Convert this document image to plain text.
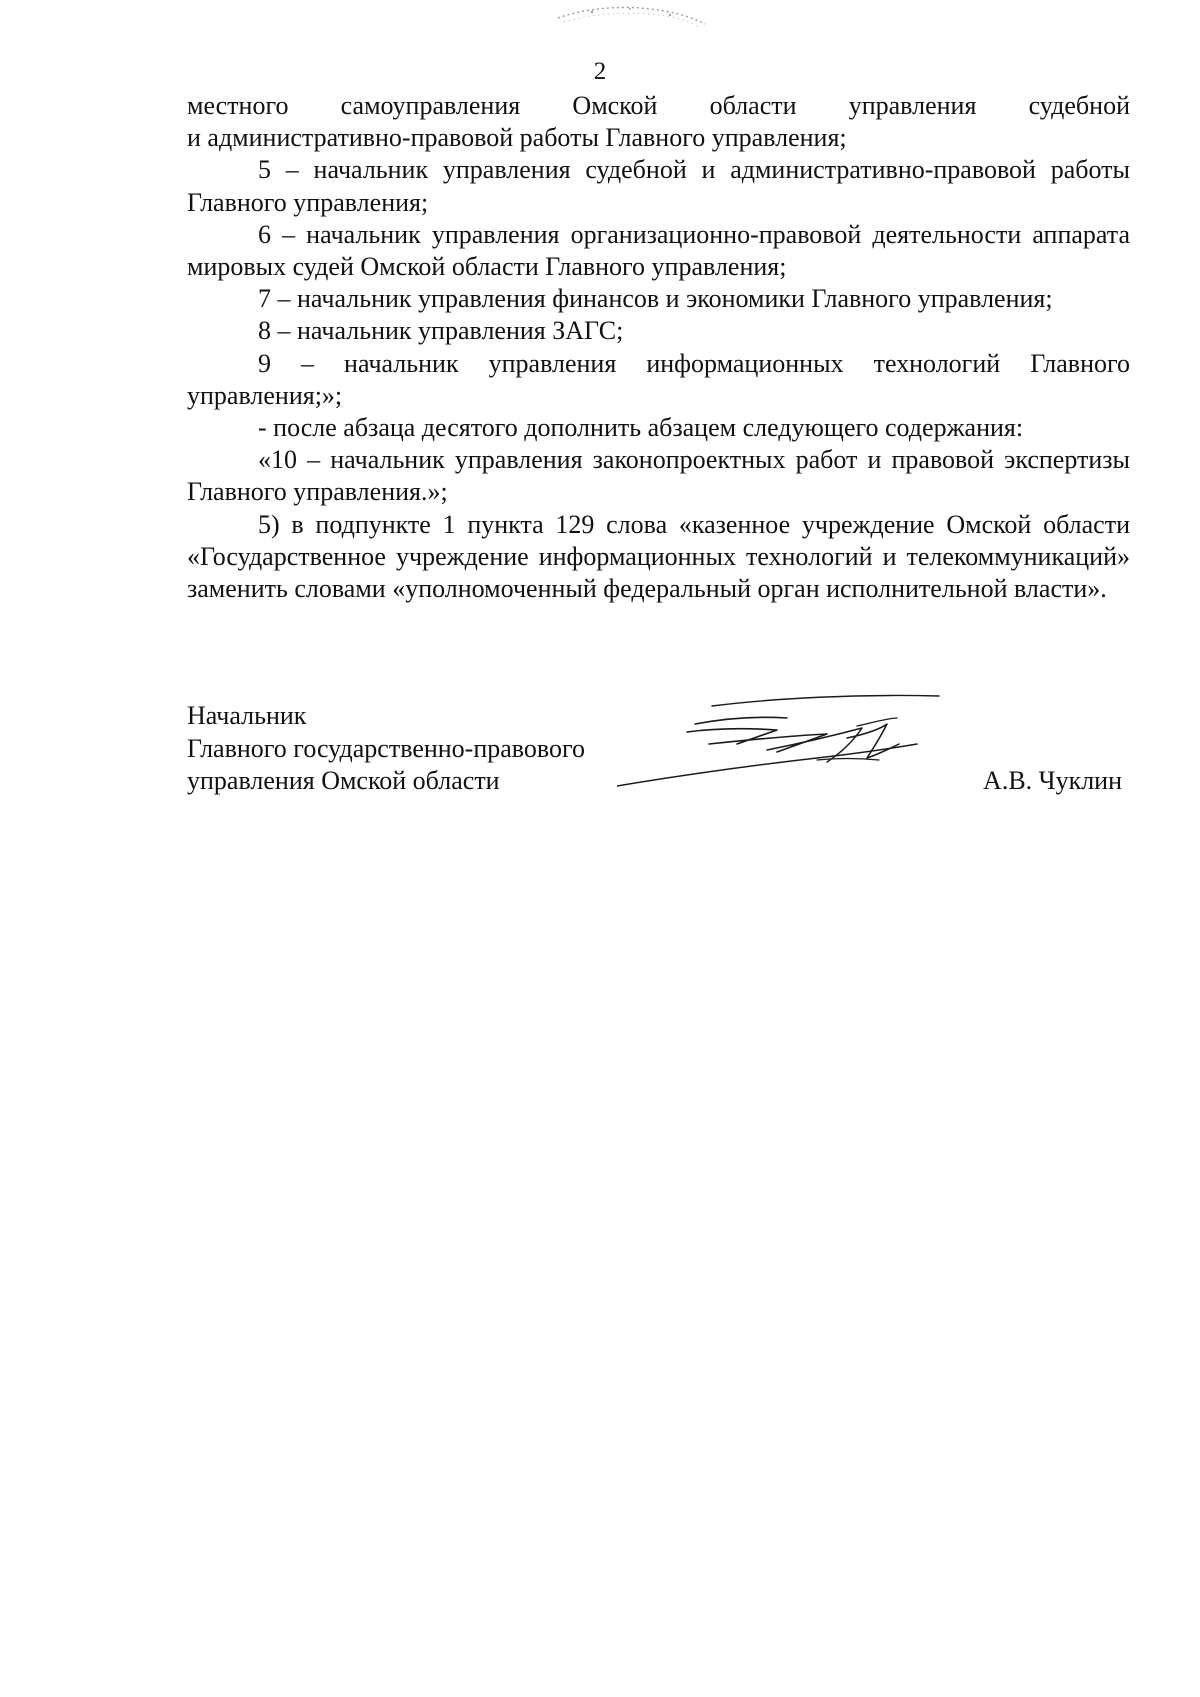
2

местного самоуправления Омской области управления судебной

и административно-правовой работы Главного управления;

5 – начальник управления судебной и административно-правовой работы Главного управления;

6 – начальник управления организационно-правовой деятельности аппарата мировых судей Омской области Главного управления;

7 – начальник управления финансов и экономики Главного управления;

8 – начальник управления ЗАГС;

9 – начальник управления информационных технологий Главного управления;»;

- после абзаца десятого дополнить абзацем следующего содержания:

«10 – начальник управления законопроектных работ и правовой экспертизы Главного управления.»;

5) в подпункте 1 пункта 129 слова «казенное учреждение Омской области «Государственное учреждение информационных технологий и телекоммуникаций» заменить словами «уполномоченный федеральный орган исполнительной власти».

Начальник
Главного государственно-правового
управления Омской области	А.В. Чуклин
